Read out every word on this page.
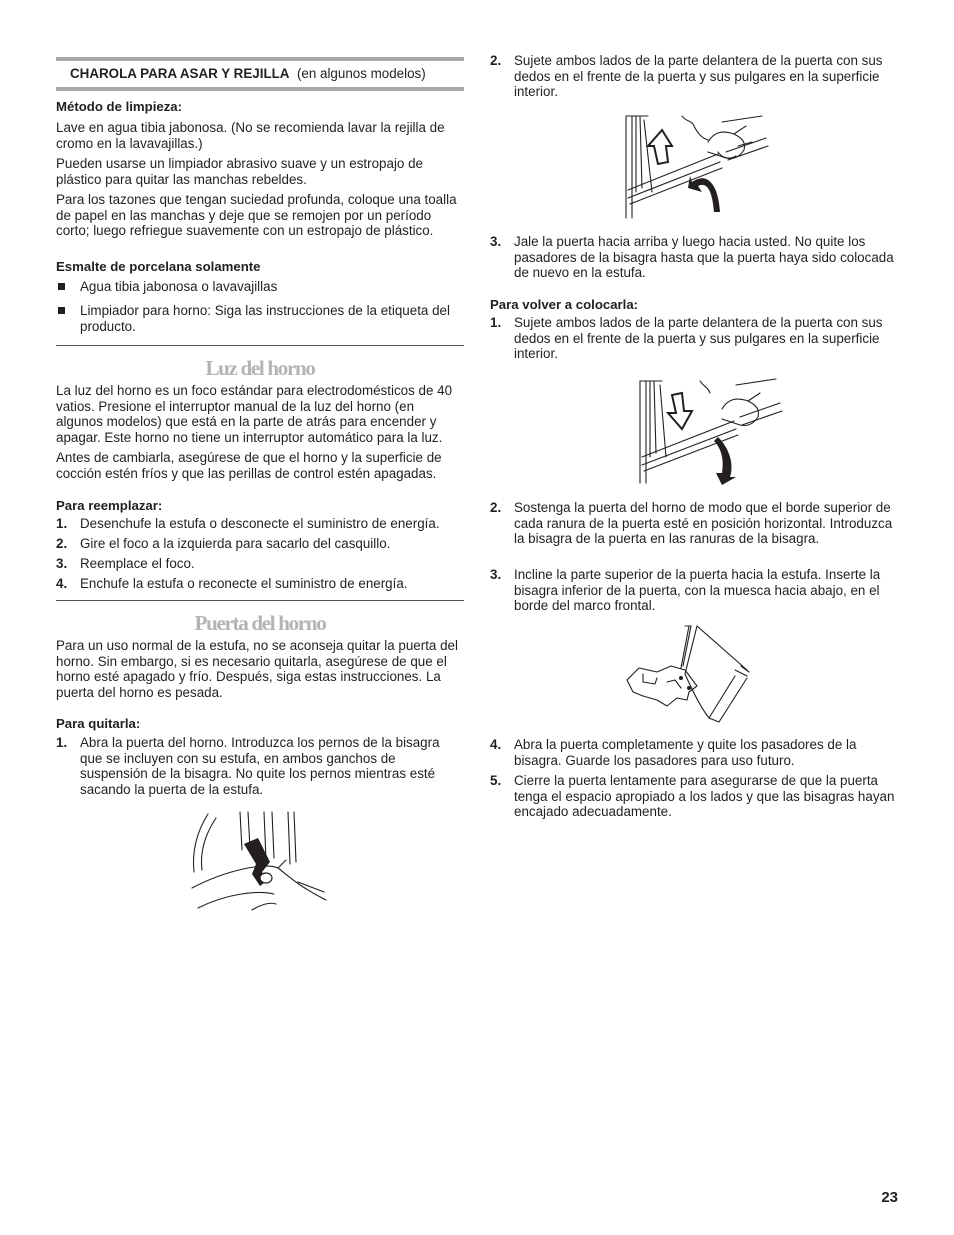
CHAROLA PARA ASAR Y REJILLA (en algunos modelos)

Método de limpieza:

Lave en agua tibia jabonosa. (No se recomienda lavar la rejilla de cromo en la lavavajillas.)

Pueden usarse un limpiador abrasivo suave y un estropajo de plástico para quitar las manchas rebeldes.

Para los tazones que tengan suciedad profunda, coloque una toalla de papel en las manchas y deje que se remojen por un período corto; luego refriegue suavemente con un estropajo de plástico.

Esmalte de porcelana solamente

Agua tibia jabonosa o lavavajillas
Limpiador para horno: Siga las instrucciones de la etiqueta del producto.

Luz del horno

La luz del horno es un foco estándar para electrodomésticos de 40 vatios. Presione el interruptor manual de la luz del horno (en algunos modelos) que está en la parte de atrás para encender y apagar. Este horno no tiene un interruptor automático para la luz.

Antes de cambiarla, asegúrese de que el horno y la superficie de cocción estén fríos y que las perillas de control estén apagadas.

Para reemplazar:

1. Desenchufe la estufa o desconecte el suministro de energía.
2. Gire el foco a la izquierda para sacarlo del casquillo.
3. Reemplace el foco.
4. Enchufe la estufa o reconecte el suministro de energía.

Puerta del horno

Para un uso normal de la estufa, no se aconseja quitar la puerta del horno. Sin embargo, si es necesario quitarla, asegúrese de que el horno esté apagado y frío. Después, siga estas instrucciones. La puerta del horno es pesada.

Para quitarla:

1. Abra la puerta del horno. Introduzca los pernos de la bisagra que se incluyen con su estufa, en ambos ganchos de suspensión de la bisagra. No quite los pernos mientras esté sacando la puerta de la estufa.
2. Sujete ambos lados de la parte delantera de la puerta con sus dedos en el frente de la puerta y sus pulgares en la superficie interior.
3. Jale la puerta hacia arriba y luego hacia usted. No quite los pasadores de la bisagra hasta que la puerta haya sido colocada de nuevo en la estufa.

Para volver a colocarla:

1. Sujete ambos lados de la parte delantera de la puerta con sus dedos en el frente de la puerta y sus pulgares en la superficie interior.
2. Sostenga la puerta del horno de modo que el borde superior de cada ranura de la puerta esté en posición horizontal. Introduzca la bisagra de la puerta en las ranuras de la bisagra.
3. Incline la parte superior de la puerta hacia la estufa. Inserte la bisagra inferior de la puerta, con la muesca hacia abajo, en el borde del marco frontal.
4. Abra la puerta completamente y quite los pasadores de la bisagra. Guarde los pasadores para uso futuro.
5. Cierre la puerta lentamente para asegurarse de que la puerta tenga el espacio apropiado a los lados y que las bisagras hayan encajado adecuadamente.
23
